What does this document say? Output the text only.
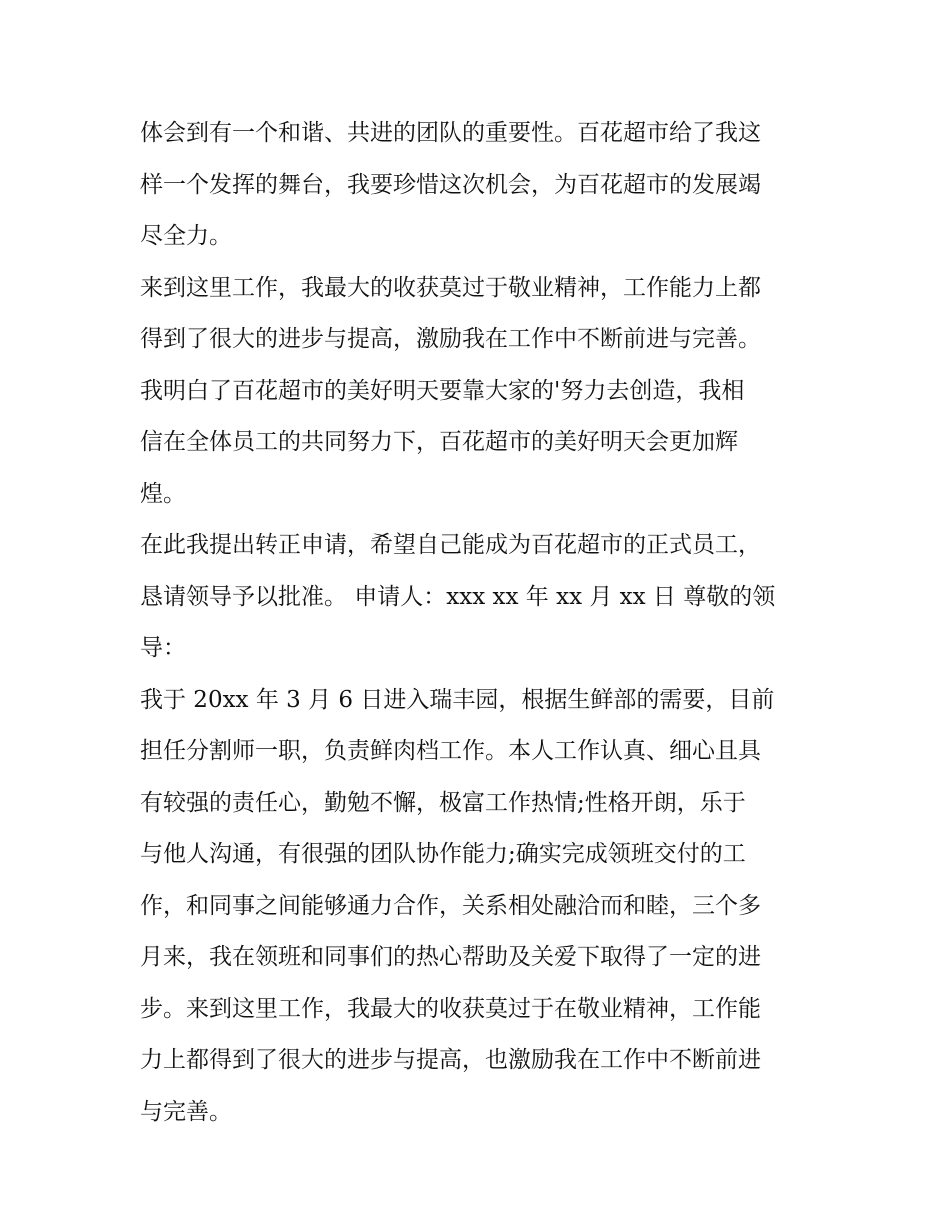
体会到有一个和谐、共进的团队的重要性。百花超市给了我这
样一个发挥的舞台，我要珍惜这次机会，为百花超市的发展竭
尽全力。
来到这里工作，我最大的收获莫过于敬业精神，工作能力上都
得到了很大的进步与提高，激励我在工作中不断前进与完善。
我明白了百花超市的美好明天要靠大家的'努力去创造，我相
信在全体员工的共同努力下，百花超市的美好明天会更加辉
煌。
在此我提出转正申请，希望自己能成为百花超市的正式员工，
恳请领导予以批准。 申请人：xxx xx 年 xx 月 xx 日 尊敬的领
导：
我于 20xx 年 3 月 6 日进入瑞丰园，根据生鲜部的需要，目前
担任分割师一职，负责鲜肉档工作。本人工作认真、细心且具
有较强的责任心，勤勉不懈，极富工作热情;性格开朗，乐于
与他人沟通，有很强的团队协作能力;确实完成领班交付的工
作，和同事之间能够通力合作，关系相处融洽而和睦，三个多
月来，我在领班和同事们的热心帮助及关爱下取得了一定的进
步。来到这里工作，我最大的收获莫过于在敬业精神，工作能
力上都得到了很大的进步与提高，也激励我在工作中不断前进
与完善。
